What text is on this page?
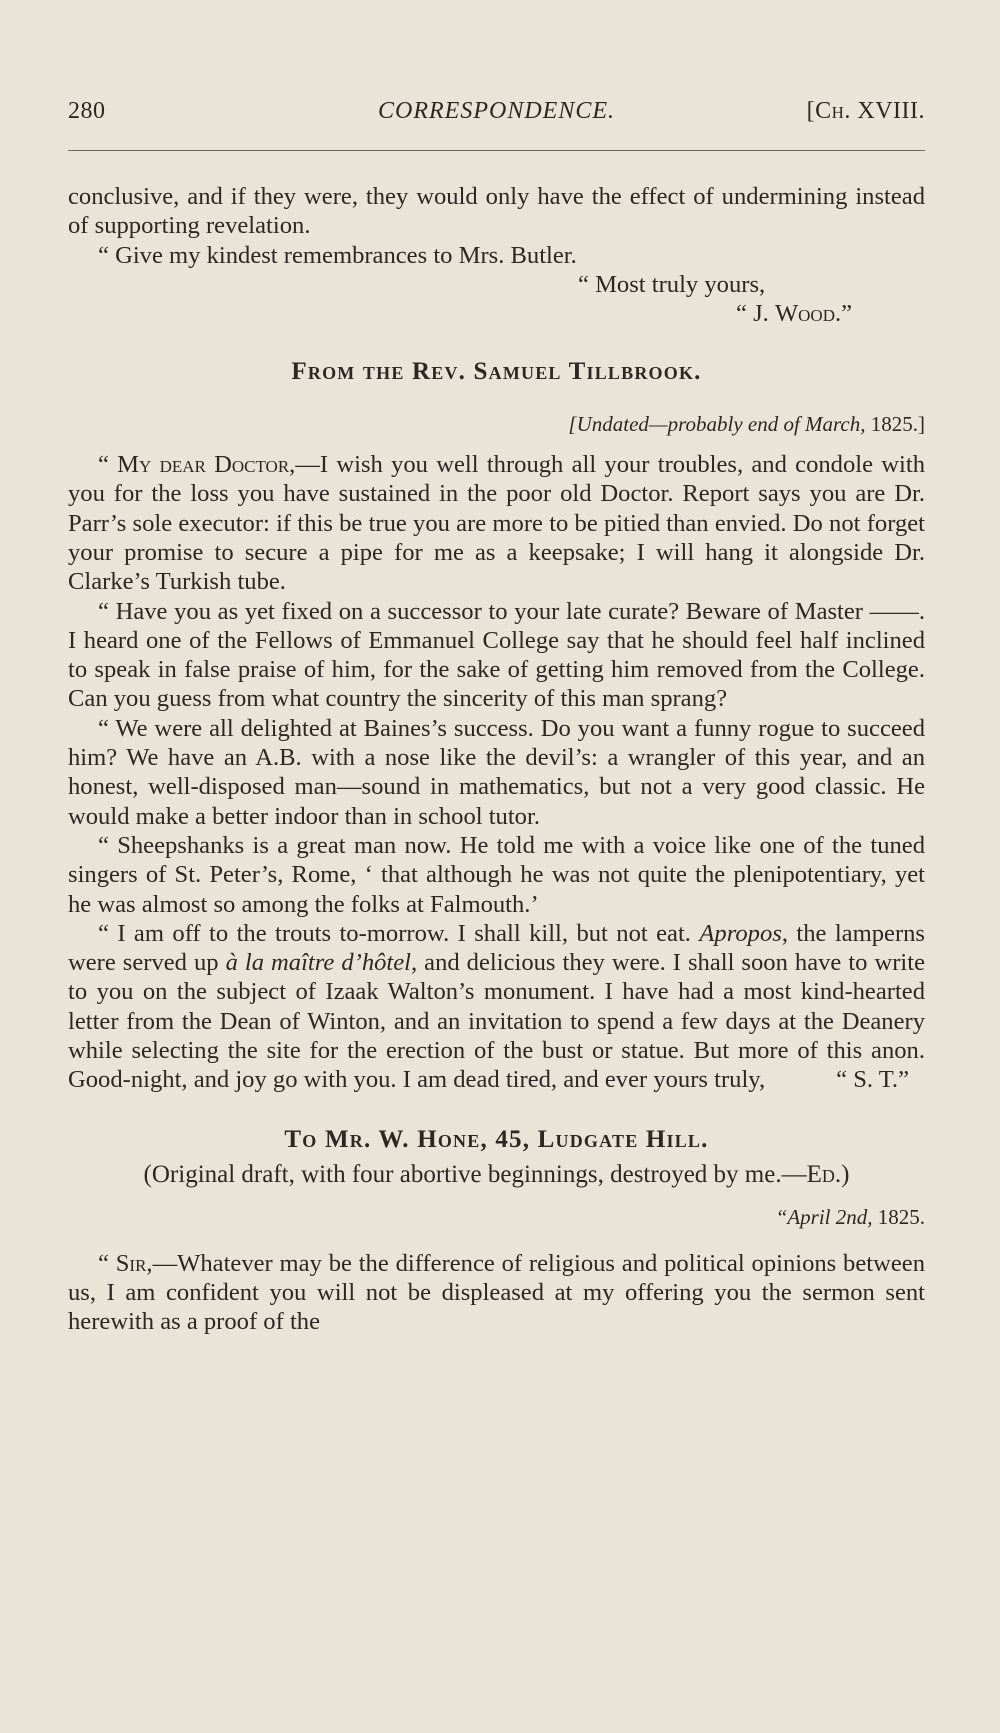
280	CORRESPONDENCE.	[Ch. XVIII.

conclusive, and if they were, they would only have the effect of undermining instead of supporting revelation.

“ Give my kindest remembrances to Mrs. Butler.

“ Most truly yours,

“ J. Wood.”

From the Rev. Samuel Tillbrook.

[Undated—probably end of March, 1825.]

“ My dear Doctor,—I wish you well through all your troubles, and condole with you for the loss you have sustained in the poor old Doctor. Report says you are Dr. Parr’s sole executor: if this be true you are more to be pitied than envied. Do not forget your promise to secure a pipe for me as a keepsake; I will hang it alongside Dr. Clarke’s Turkish tube.

“ Have you as yet fixed on a successor to your late curate? Beware of Master ——. I heard one of the Fellows of Emmanuel College say that he should feel half inclined to speak in false praise of him, for the sake of getting him removed from the College. Can you guess from what country the sincerity of this man sprang?

“ We were all delighted at Baines’s success. Do you want a funny rogue to succeed him? We have an A.B. with a nose like the devil’s: a wrangler of this year, and an honest, well-disposed man—sound in mathematics, but not a very good classic. He would make a better indoor than in school tutor.

“ Sheepshanks is a great man now. He told me with a voice like one of the tuned singers of St. Peter’s, Rome, ‘ that although he was not quite the plenipotentiary, yet he was almost so among the folks at Falmouth.’

“ I am off to the trouts to-morrow. I shall kill, but not eat. Apropos, the lamperns were served up à la maître d’hôtel, and delicious they were. I shall soon have to write to you on the subject of Izaak Walton’s monument. I have had a most kind-hearted letter from the Dean of Winton, and an invitation to spend a few days at the Deanery while selecting the site for the erection of the bust or statue. But more of this anon. Good-night, and joy go with you. I am dead tired, and ever yours truly,	“ S. T.”

To Mr. W. Hone, 45, Ludgate Hill.

(Original draft, with four abortive beginnings, destroyed by me.—Ed.)

“April 2nd, 1825.

“ Sir,—Whatever may be the difference of religious and political opinions between us, I am confident you will not be displeased at my offering you the sermon sent herewith as a proof of the
